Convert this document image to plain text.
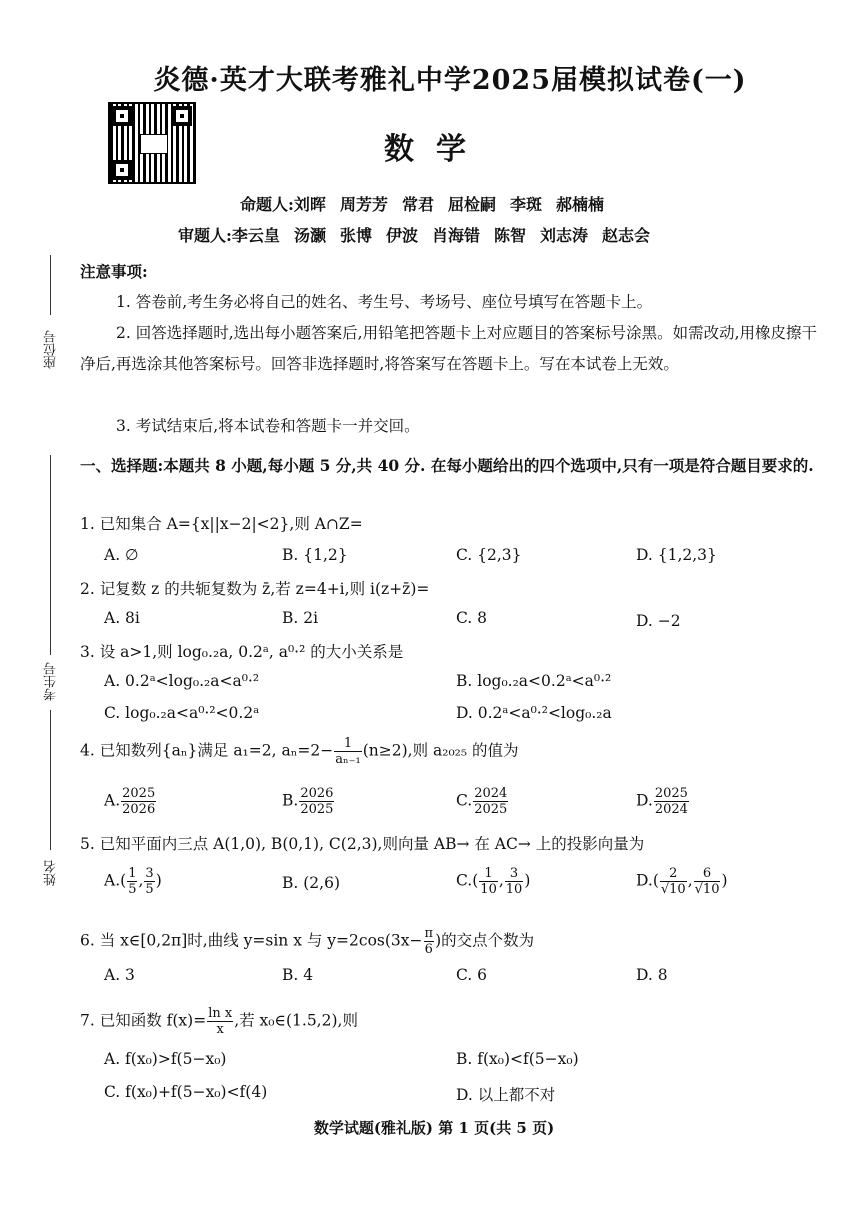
炎德·英才大联考雅礼中学2025届模拟试卷(一)
数学
命题人:刘晖 周芳芳 常君 屈检嗣 李斑 郝楠楠
审题人:李云皇 汤灏 张博 伊波 肖海错 陈智 刘志涛 赵志会
座位号
考生号
姓名
注意事项:
1. 答卷前,考生务必将自己的姓名、考生号、考场号、座位号填写在答题卡上。
2. 回答选择题时,选出每小题答案后,用铅笔把答题卡上对应题目的答案标号涂黑。如需改动,用橡皮擦干净后,再选涂其他答案标号。回答非选择题时,将答案写在答题卡上。写在本试卷上无效。
3. 考试结束后,将本试卷和答题卡一并交回。
一、选择题:本题共 8 小题,每小题 5 分,共 40 分. 在每小题给出的四个选项中,只有一项是符合题目要求的.
1. 已知集合 A={x||x−2|<2},则 A∩Z=
A. ∅	B. {1,2}	C. {2,3}	D. {1,2,3}
2. 记复数 z 的共轭复数为 z̄,若 z=4+i,则 i(z+z̄)=
A. 8i	B. 2i	C. 8	D. −2
3. 设 a>1,则 log₀.₂a, 0.2ᵃ, a⁰·² 的大小关系是
A. 0.2ᵃ<log₀.₂a<a⁰·²	B. log₀.₂a<0.2ᵃ<a⁰·²
C. log₀.₂a<a⁰·²<0.2ᵃ	D. 0.2ᵃ<a⁰·²<log₀.₂a
4. 已知数列{aₙ}满足 a₁=2, $a_n=2- \frac{1}{\text{aₙ₋₁}} (n\ge 2)$,则 a₂₀₂₅ 的值为
A. $\frac{2025}{2026}$	B. $\frac{2026}{2025}$	C. $\frac{2024}{2025}$	D. $\frac{2025}{2024}$
5. 已知平面内三点 A(1,0), B(0,1), C(2,3),则向量 AB→ 在 AC→ 上的投影向量为
$A.( \frac{1}{5}$ , $\frac{3}{5}$ )	B. (2,6)	$C.( \frac{1}{10}$ , $\frac{3}{10}$ )	$D.( \frac{2}{√10}$ , $\frac{6}{√10}$ )
6. 当 x∈[0,2π]时,曲线 y=sin x 与 $y=2\cos(3x- \frac{\pi}{6}$ )的交点个数为
A. 3	B. 4	C. 6	D. 8
7. 已知函数 $f(x)= \frac{\text{ln x}}{x}$ ,若 x₀∈(1.5,2),则
A. f(x₀)>f(5−x₀)	B. f(x₀)<f(5−x₀)
C. f(x₀)+f(5−x₀)<f(4)	D. 以上都不对
数学试题(雅礼版) 第 1 页(共 5 页)
